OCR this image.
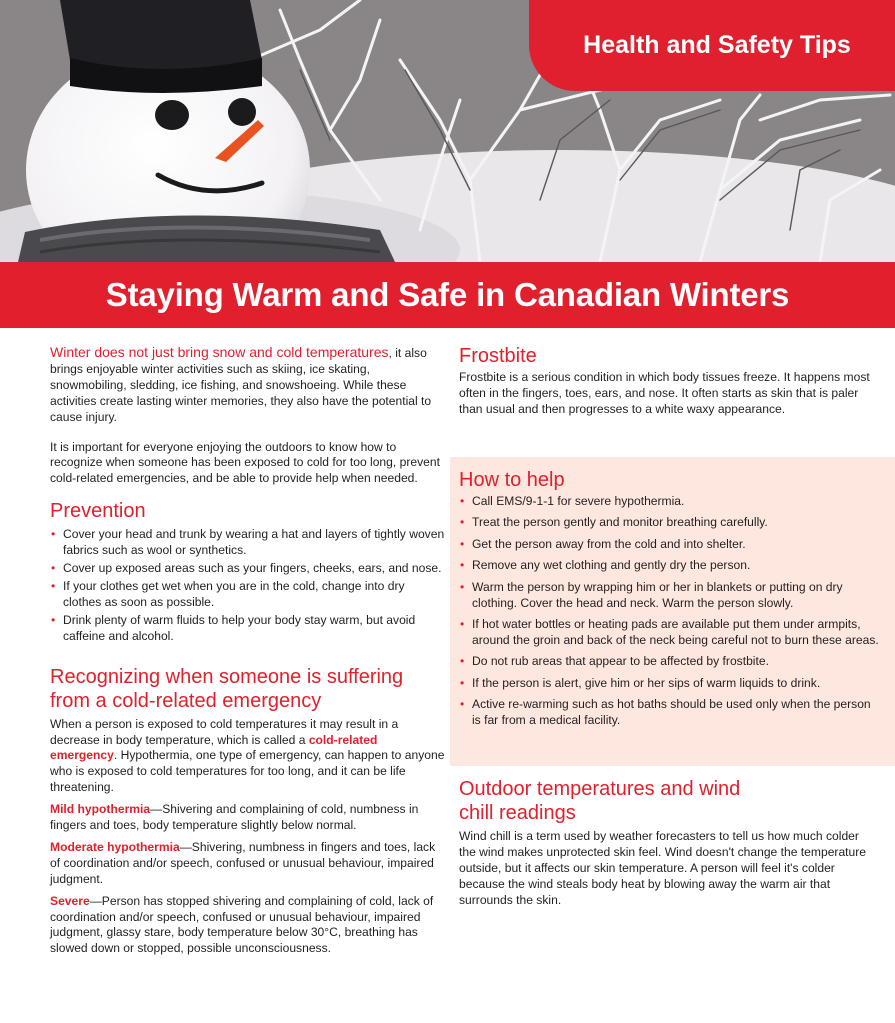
Health and Safety Tips
Staying Warm and Safe in Canadian Winters

Winter does not just bring snow and cold temperatures, it also brings enjoyable winter activities such as skiing, ice skating, snowmobiling, sledding, ice fishing, and snowshoeing. While these activities create lasting winter memories, they also have the potential to cause injury.

It is important for everyone enjoying the outdoors to know how to recognize when someone has been exposed to cold for too long, prevent cold-related emergencies, and be able to provide help when needed.

Prevention
• Cover your head and trunk by wearing a hat and layers of tightly woven fabrics such as wool or synthetics.
• Cover up exposed areas such as your fingers, cheeks, ears, and nose.
• If your clothes get wet when you are in the cold, change into dry clothes as soon as possible.
• Drink plenty of warm fluids to help your body stay warm, but avoid caffeine and alcohol.
Recognizing when someone is suffering from a cold-related emergency

When a person is exposed to cold temperatures it may result in a decrease in body temperature, which is called a cold-related emergency. Hypothermia, one type of emergency, can happen to anyone who is exposed to cold temperatures for too long, and it can be life threatening.

Mild hypothermia—Shivering and complaining of cold, numbness in fingers and toes, body temperature slightly below normal.

Moderate hypothermia—Shivering, numbness in fingers and toes, lack of coordination and/or speech, confused or unusual behaviour, impaired judgment.

Severe—Person has stopped shivering and complaining of cold, lack of coordination and/or speech, confused or unusual behaviour, impaired judgment, glassy stare, body temperature below 30°C, breathing has slowed down or stopped, possible unconsciousness.

Frostbite

Frostbite is a serious condition in which body tissues freeze. It happens most often in the fingers, toes, ears, and nose. It often starts as skin that is paler than usual and then progresses to a white waxy appearance.

How to help
• Call EMS/9-1-1 for severe hypothermia.
• Treat the person gently and monitor breathing carefully.
• Get the person away from the cold and into shelter.
• Remove any wet clothing and gently dry the person.
• Warm the person by wrapping him or her in blankets or putting on dry clothing. Cover the head and neck. Warm the person slowly.
• If hot water bottles or heating pads are available put them under armpits, around the groin and back of the neck being careful not to burn these areas.
• Do not rub areas that appear to be affected by frostbite.
• If the person is alert, give him or her sips of warm liquids to drink.
• Active re-warming such as hot baths should be used only when the person is far from a medical facility.
Outdoor temperatures and wind chill readings

Wind chill is a term used by weather forecasters to tell us how much colder the wind makes unprotected skin feel. Wind doesn't change the temperature outside, but it affects our skin temperature. A person will feel it's colder because the wind steals body heat by blowing away the warm air that surrounds the skin.
